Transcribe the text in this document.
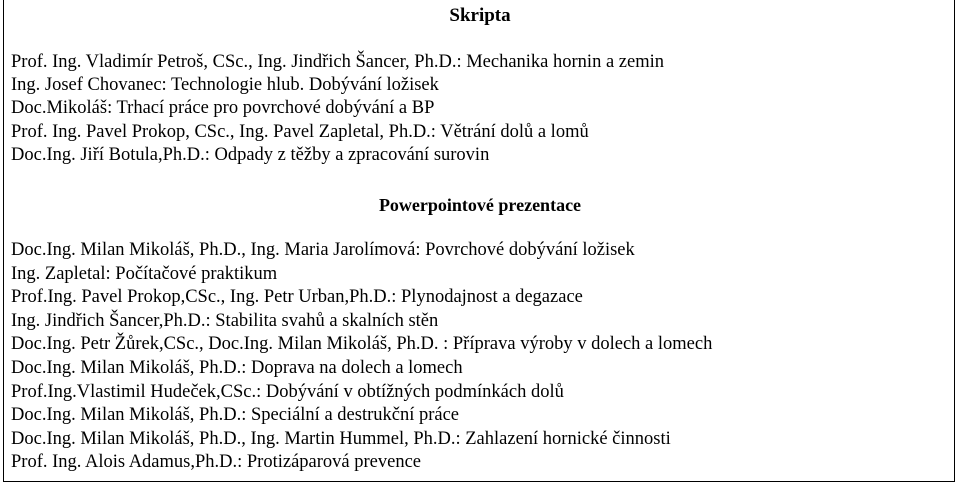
Skripta
Prof. Ing. Vladimír Petroš, CSc., Ing. Jindřich Šancer, Ph.D.: Mechanika hornin a zemin
Ing. Josef Chovanec: Technologie hlub. Dobývání ložisek
Doc.Mikoláš: Trhací práce pro povrchové dobývání a BP
Prof. Ing. Pavel Prokop, CSc., Ing. Pavel Zapletal, Ph.D.: Větrání dolů a lomů
Doc.Ing. Jiří Botula,Ph.D.: Odpady z těžby a zpracování surovin
Powerpointové prezentace
Doc.Ing. Milan Mikoláš, Ph.D., Ing. Maria Jarolímová: Povrchové dobývání ložisek
Ing. Zapletal: Počítačové praktikum
Prof.Ing. Pavel Prokop,CSc., Ing. Petr Urban,Ph.D.: Plynodajnost a degazace
Ing. Jindřich Šancer,Ph.D.: Stabilita svahů a skalních stěn
Doc.Ing. Petr Žůrek,CSc., Doc.Ing. Milan Mikoláš, Ph.D. : Příprava výroby v dolech a lomech
Doc.Ing. Milan Mikoláš, Ph.D.: Doprava na dolech a lomech
Prof.Ing.Vlastimil Hudeček,CSc.: Dobývání v obtížných podmínkách dolů
Doc.Ing. Milan Mikoláš, Ph.D.: Speciální a destrukční práce
Doc.Ing. Milan Mikoláš, Ph.D., Ing. Martin Hummel, Ph.D.: Zahlazení hornické činnosti
Prof. Ing. Alois Adamus,Ph.D.: Protizáparová prevence
